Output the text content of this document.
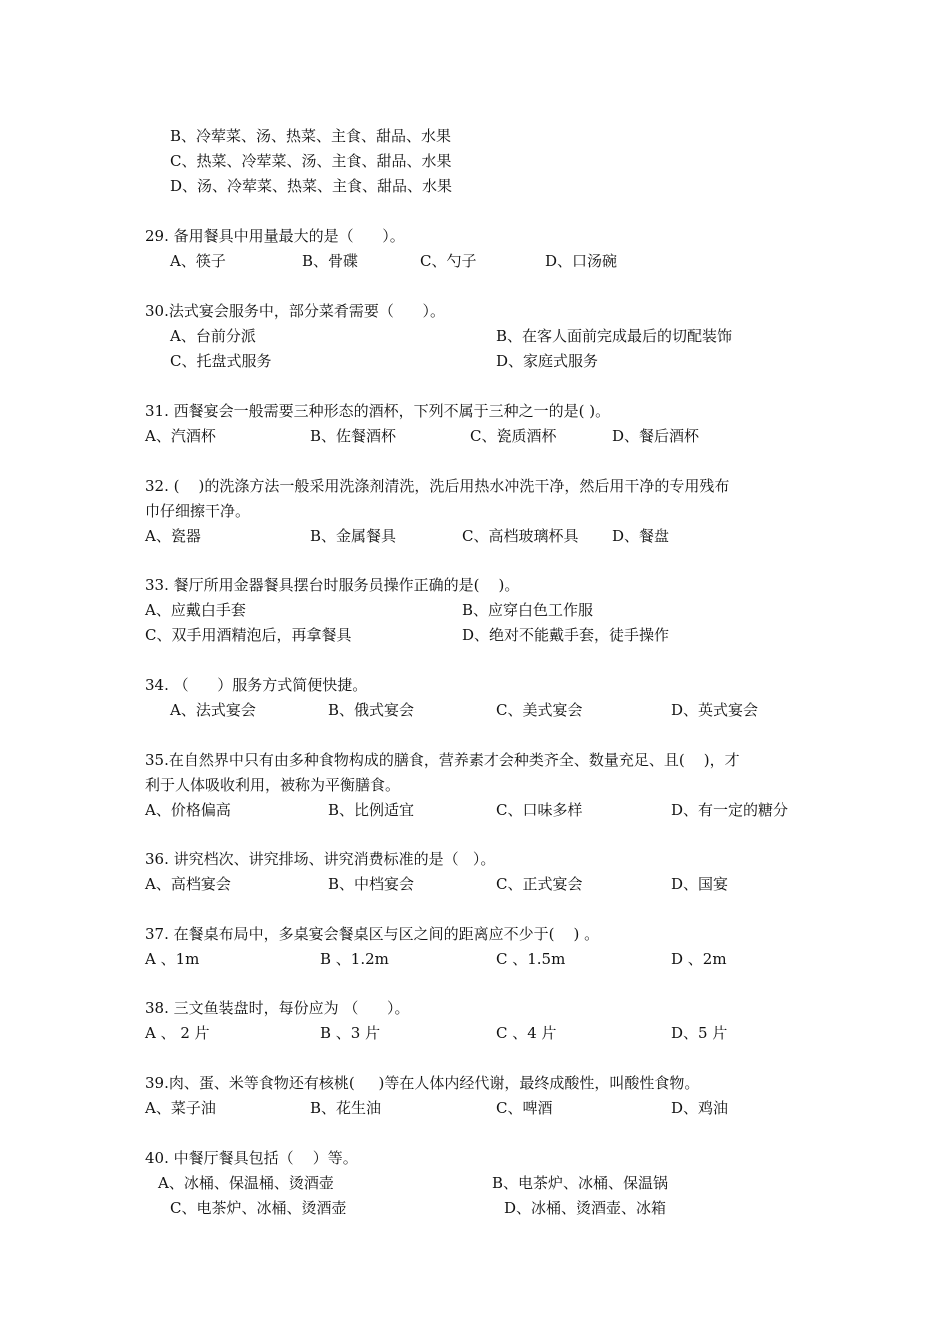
B、冷荤菜、汤、热菜、主食、甜品、水果
C、热菜、冷荤菜、汤、主食、甜品、水果
D、汤、冷荤菜、热菜、主食、甜品、水果
29. 备用餐具中用量最大的是（      ）。
A、筷子	B、骨碟	C、勺子	D、口汤碗
30.法式宴会服务中，部分菜肴需要（      ）。
A、台前分派	B、在客人面前完成最后的切配装饰
C、托盘式服务	D、家庭式服务
31. 西餐宴会一般需要三种形态的酒杯，下列不属于三种之一的是( )。
A、汽酒杯	B、佐餐酒杯	C、瓷质酒杯	D、餐后酒杯
32. (    )的洗涤方法一般采用洗涤剂清洗，洗后用热水冲洗干净，然后用干净的专用残布
巾仔细擦干净。
A、瓷器	B、金属餐具	C、高档玻璃杯具 D、餐盘
33. 餐厅所用金器餐具摆台时服务员操作正确的是(    )。
A、应戴白手套	B、应穿白色工作服
C、双手用酒精泡后，再拿餐具	D、绝对不能戴手套，徒手操作
34. （      ）服务方式简便快捷。
A、法式宴会	B、俄式宴会	C、美式宴会	D、英式宴会
35.在自然界中只有由多种食物构成的膳食，营养素才会种类齐全、数量充足、且(    )，才
利于人体吸收利用，被称为平衡膳食。
A、价格偏高	B、比例适宜	C、口味多样	D、有一定的糖分
36. 讲究档次、讲究排场、讲究消费标准的是（   ）。
A、高档宴会	B、中档宴会	C、正式宴会	D、国宴
37. 在餐桌布局中，多桌宴会餐桌区与区之间的距离应不少于(    ) 。
A 、1m	B 、1.2m	C 、1.5m	D 、2m
38. 三文鱼装盘时，每份应为 （      ）。
A 、 2 片	B 、3 片	C 、4 片	D、5 片
39.肉、蛋、米等食物还有核桃(     )等在人体内经代谢，最终成酸性，叫酸性食物。
A、菜子油	B、花生油	C、啤酒	D、鸡油
40. 中餐厅餐具包括（    ）等。
A、冰桶、保温桶、烫酒壶	B、电茶炉、冰桶、保温锅
C、电茶炉、冰桶、烫酒壶	D、冰桶、烫酒壶、冰箱
